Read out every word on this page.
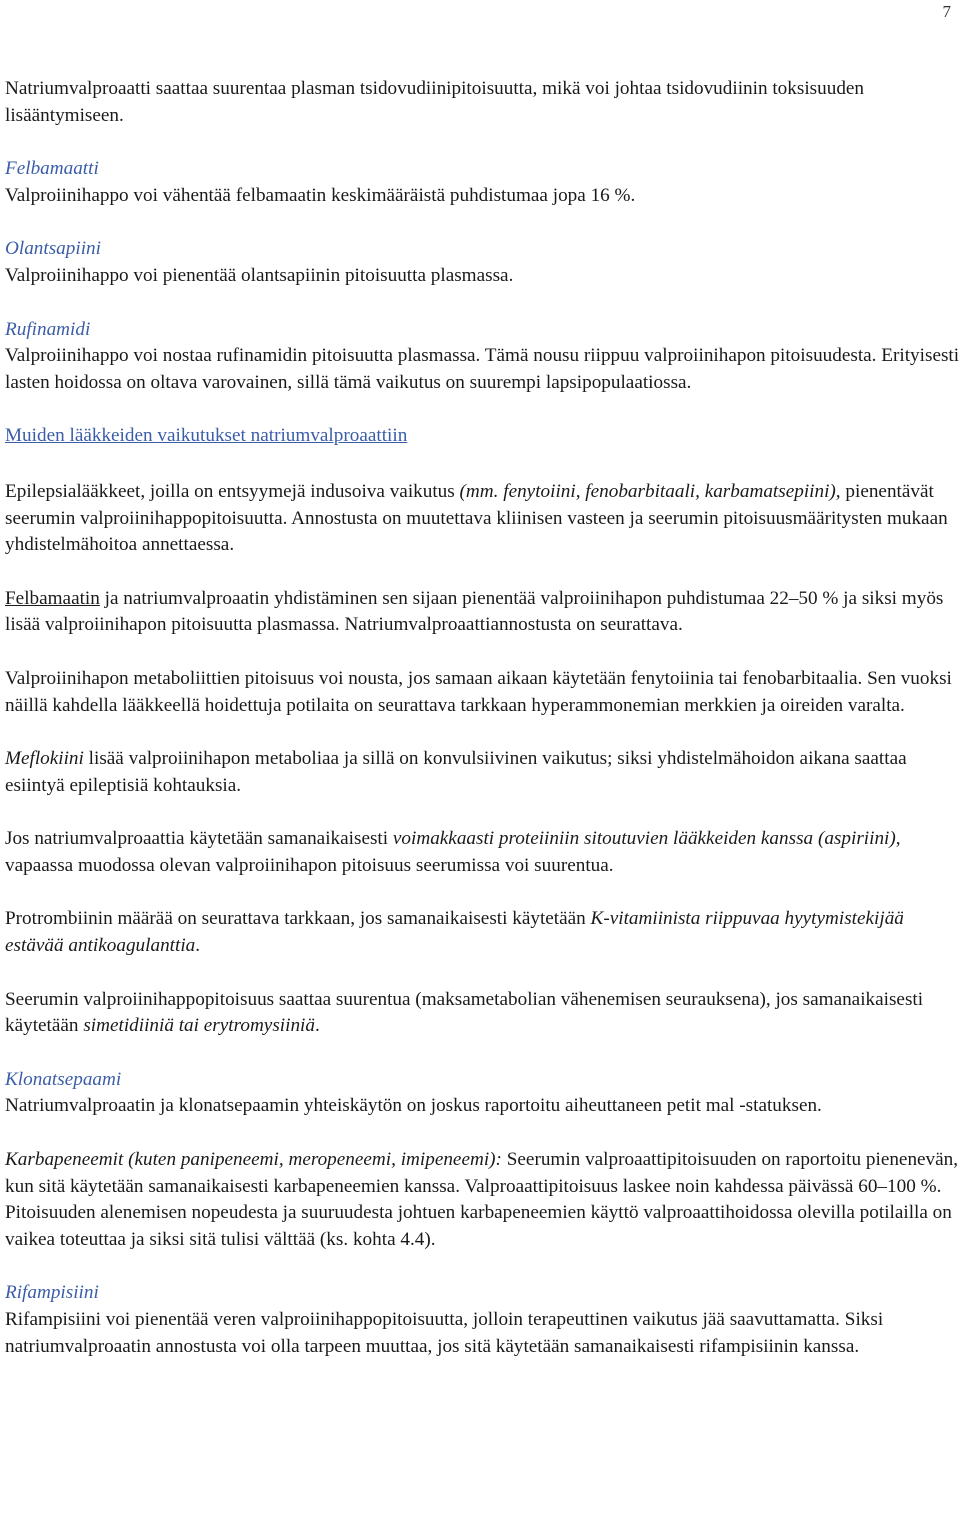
7

Natriumvalproaatti saattaa suurentaa plasman tsidovudiinipitoisuutta, mikä voi johtaa tsidovudiinin toksisuuden lisääntymiseen.

Felbamaatti

Valproiinihappo voi vähentää felbamaatin keskimääräistä puhdistumaa jopa 16 %.

Olantsapiini

Valproiinihappo voi pienentää olantsapiinin pitoisuutta plasmassa.

Rufinamidi

Valproiinihappo voi nostaa rufinamidin pitoisuutta plasmassa. Tämä nousu riippuu valproiinihapon pitoisuudesta. Erityisesti lasten hoidossa on oltava varovainen, sillä tämä vaikutus on suurempi lapsipopulaatiossa.

Muiden lääkkeiden vaikutukset natriumvalproaattiin

Epilepsialääkkeet, joilla on entsyymejä indusoiva vaikutus (mm. fenytoiini, fenobarbitaali, karbamatsepiini), pienentävät seerumin valproiinihappopitoisuutta. Annostusta on muutettava kliinisen vasteen ja seerumin pitoisuusmääritysten mukaan yhdistelmähoitoa annettaessa.

Felbamaatin ja natriumvalproaatin yhdistäminen sen sijaan pienentää valproiinihapon puhdistumaa 22–50 % ja siksi myös lisää valproiinihapon pitoisuutta plasmassa. Natriumvalproaattiannostusta on seurattava.

Valproiinihapon metaboliittien pitoisuus voi nousta, jos samaan aikaan käytetään fenytoiinia tai fenobarbitaalia. Sen vuoksi näillä kahdella lääkkeellä hoidettuja potilaita on seurattava tarkkaan hyperammonemian merkkien ja oireiden varalta.

Meflokiini lisää valproiinihapon metaboliaa ja sillä on konvulsiivinen vaikutus; siksi yhdistelmähoidon aikana saattaa esiintyä epileptisiä kohtauksia.

Jos natriumvalproaattia käytetään samanaikaisesti voimakkaasti proteiiniin sitoutuvien lääkkeiden kanssa (aspiriini), vapaassa muodossa olevan valproiinihapon pitoisuus seerumissa voi suurentua.

Protrombiinin määrää on seurattava tarkkaan, jos samanaikaisesti käytetään K-vitamiinista riippuvaa hyytymistekijää estävää antikoagulanttia.

Seerumin valproiinihappopitoisuus saattaa suurentua (maksametabolian vähenemisen seurauksena), jos samanaikaisesti käytetään simetidiiniä tai erytromysiiniä.

Klonatsepaami

Natriumvalproaatin ja klonatsepaamin yhteiskäytön on joskus raportoitu aiheuttaneen petit mal -statuksen.

Karbapeneemit (kuten panipeneemi, meropeneemi, imipeneemi): Seerumin valproaattipitoisuuden on raportoitu pienenevän, kun sitä käytetään samanaikaisesti karbapeneemien kanssa. Valproaattipitoisuus laskee noin kahdessa päivässä 60–100 %. Pitoisuuden alenemisen nopeudesta ja suuruudesta johtuen karbapeneemien käyttö valproaattihoidossa olevilla potilailla on vaikea toteuttaa ja siksi sitä tulisi välttää (ks. kohta 4.4).

Rifampisiini

Rifampisiini voi pienentää veren valproiinihappopitoisuutta, jolloin terapeuttinen vaikutus jää saavuttamatta. Siksi natriumvalproaatin annostusta voi olla tarpeen muuttaa, jos sitä käytetään samanaikaisesti rifampisiinin kanssa.
